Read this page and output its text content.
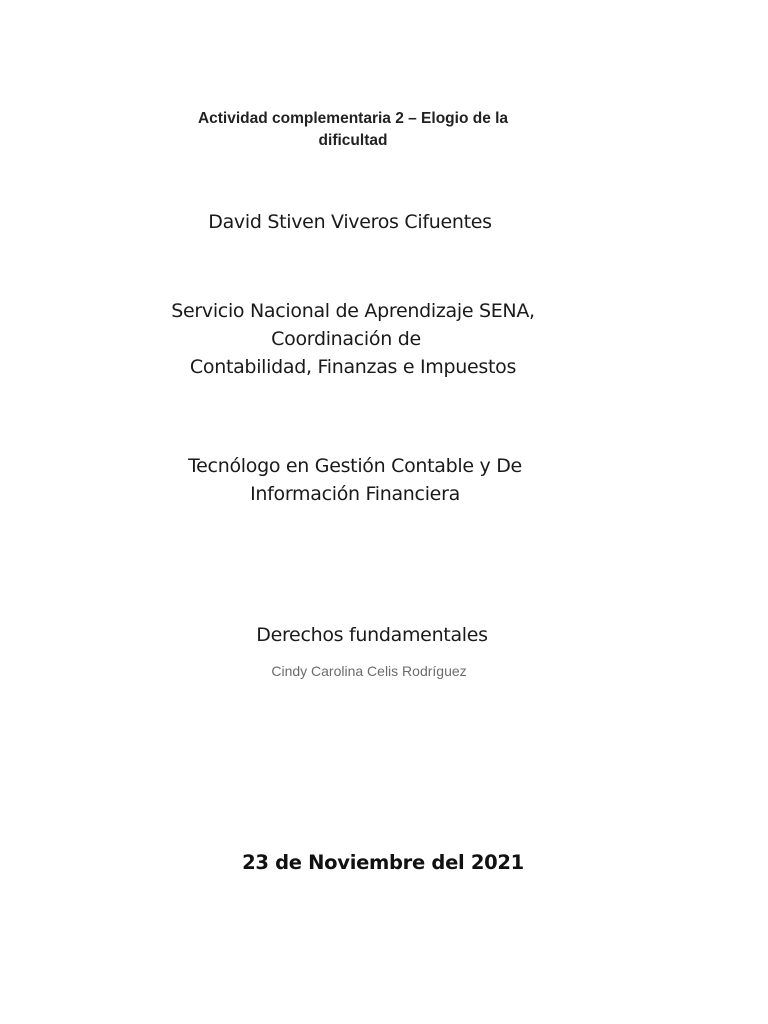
Actividad complementaria 2 – Elogio de la
dificultad
David Stiven Viveros Cifuentes
Servicio Nacional de Aprendizaje SENA,
Coordinación de
Contabilidad, Finanzas e Impuestos
Tecnólogo en Gestión Contable y De
Información Financiera
Derechos fundamentales
Cindy Carolina Celis Rodríguez
23 de Noviembre del 2021
